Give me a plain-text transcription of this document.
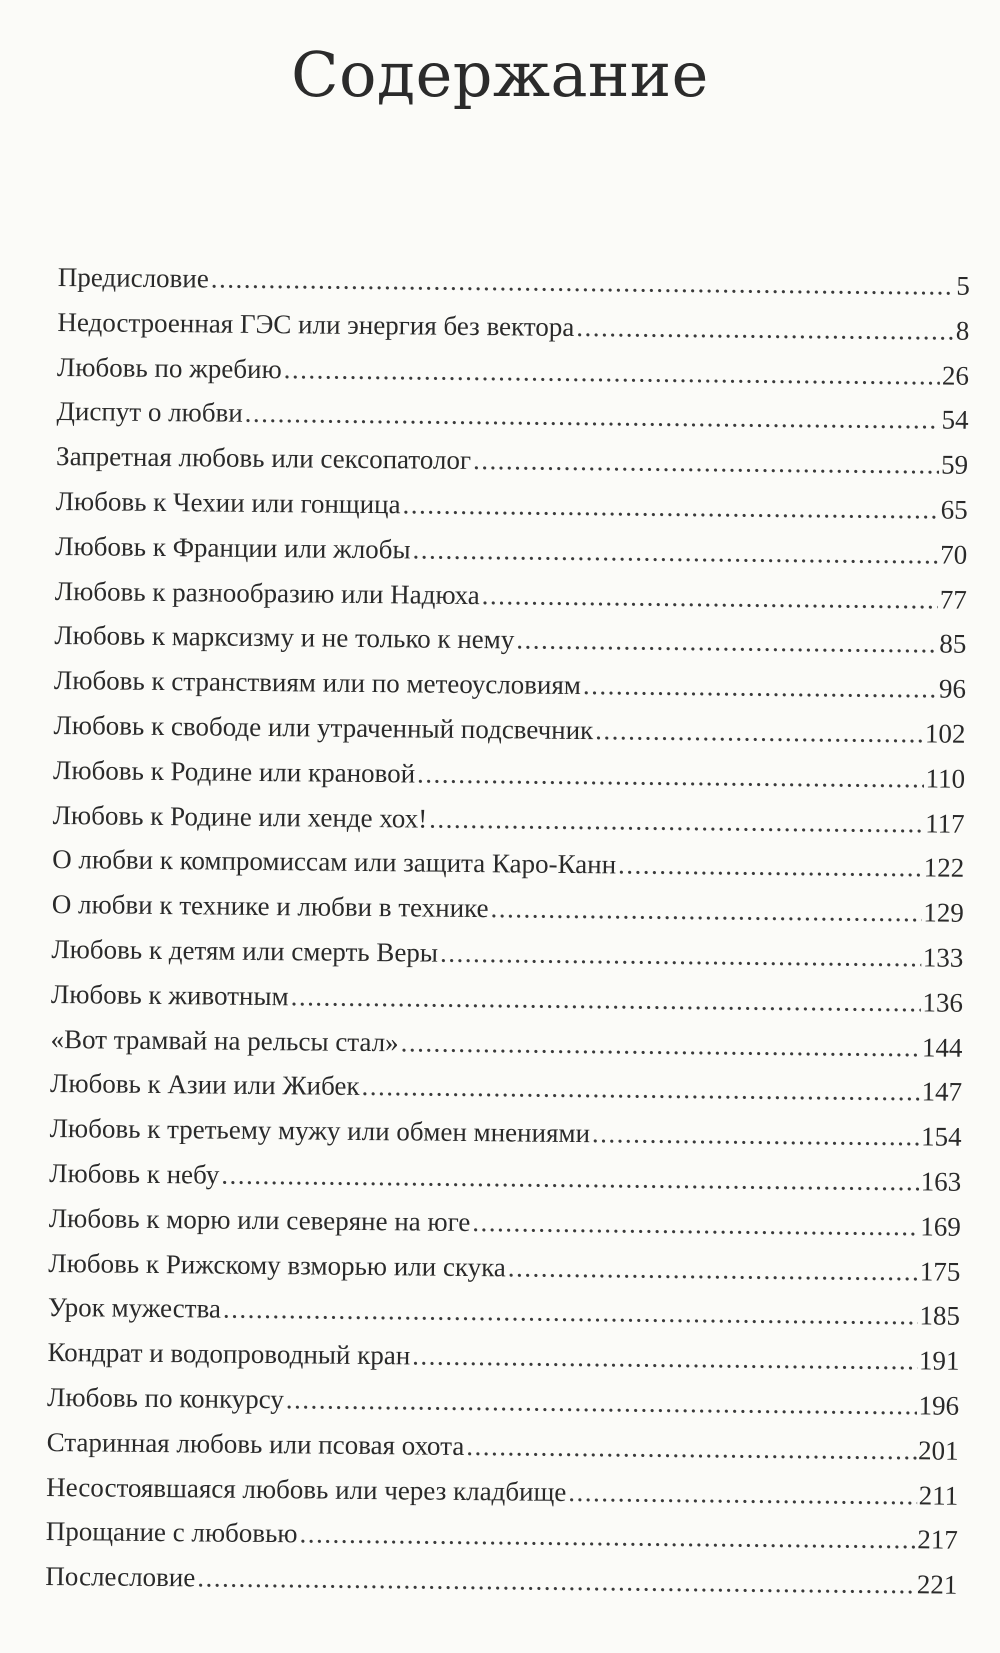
Содержание
Предисловие .....	5
Недостроенная ГЭС или энергия без вектора .....	8
Любовь по жребию .....	26
Диспут о любви .....	54
Запретная любовь или сексопатолог .....	59
Любовь к Чехии или гонщица .....	65
Любовь к Франции или жлобы .....	70
Любовь к разнообразию или Надюха .....	77
Любовь к марксизму и не только к нему .....	85
Любовь к странствиям или по метеоусловиям .....	96
Любовь к свободе или утраченный подсвечник .....	102
Любовь к Родине или крановой .....	110
Любовь к Родине или хенде хох! .....	117
О любви к компромиссам или защита Каро-Канн .....	122
О любви к технике и любви в технике .....	129
Любовь к детям или смерть Веры .....	133
Любовь к животным .....	136
«Вот трамвай на рельсы стал» .....	144
Любовь к Азии или Жибек .....	147
Любовь к третьему мужу или обмен мнениями .....	154
Любовь к небу .....	163
Любовь к морю или северяне на юге .....	169
Любовь к Рижскому взморью или скука .....	175
Урок мужества .....	185
Кондрат и водопроводный кран .....	191
Любовь по конкурсу .....	196
Старинная любовь или псовая охота .....	201
Несостоявшаяся любовь или через кладбище .....	211
Прощание с любовью .....	217
Послесловие .....	221
